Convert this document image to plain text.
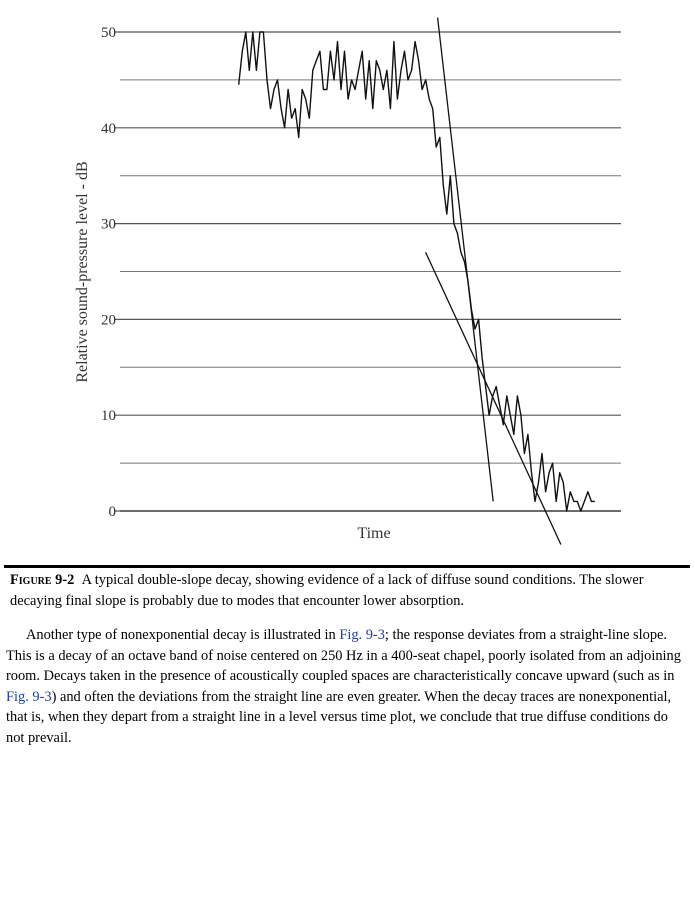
0
10
20
30
40
50
Time
Relative sound-pressure level - dB
Figure 9-2 A typical double-slope decay, showing evidence of a lack of diffuse sound conditions. The slower decaying final slope is probably due to modes that encounter lower absorption.

Another type of nonexponential decay is illustrated in Fig. 9-3; the response deviates from a straight-line slope. This is a decay of an octave band of noise centered on 250 Hz in a 400-seat chapel, poorly isolated from an adjoining room. Decays taken in the presence of acoustically coupled spaces are characteristically concave upward (such as in Fig. 9-3) and often the deviations from the straight line are even greater. When the decay traces are nonexponential, that is, when they depart from a straight line in a level versus time plot, we conclude that true diffuse conditions do not prevail.
